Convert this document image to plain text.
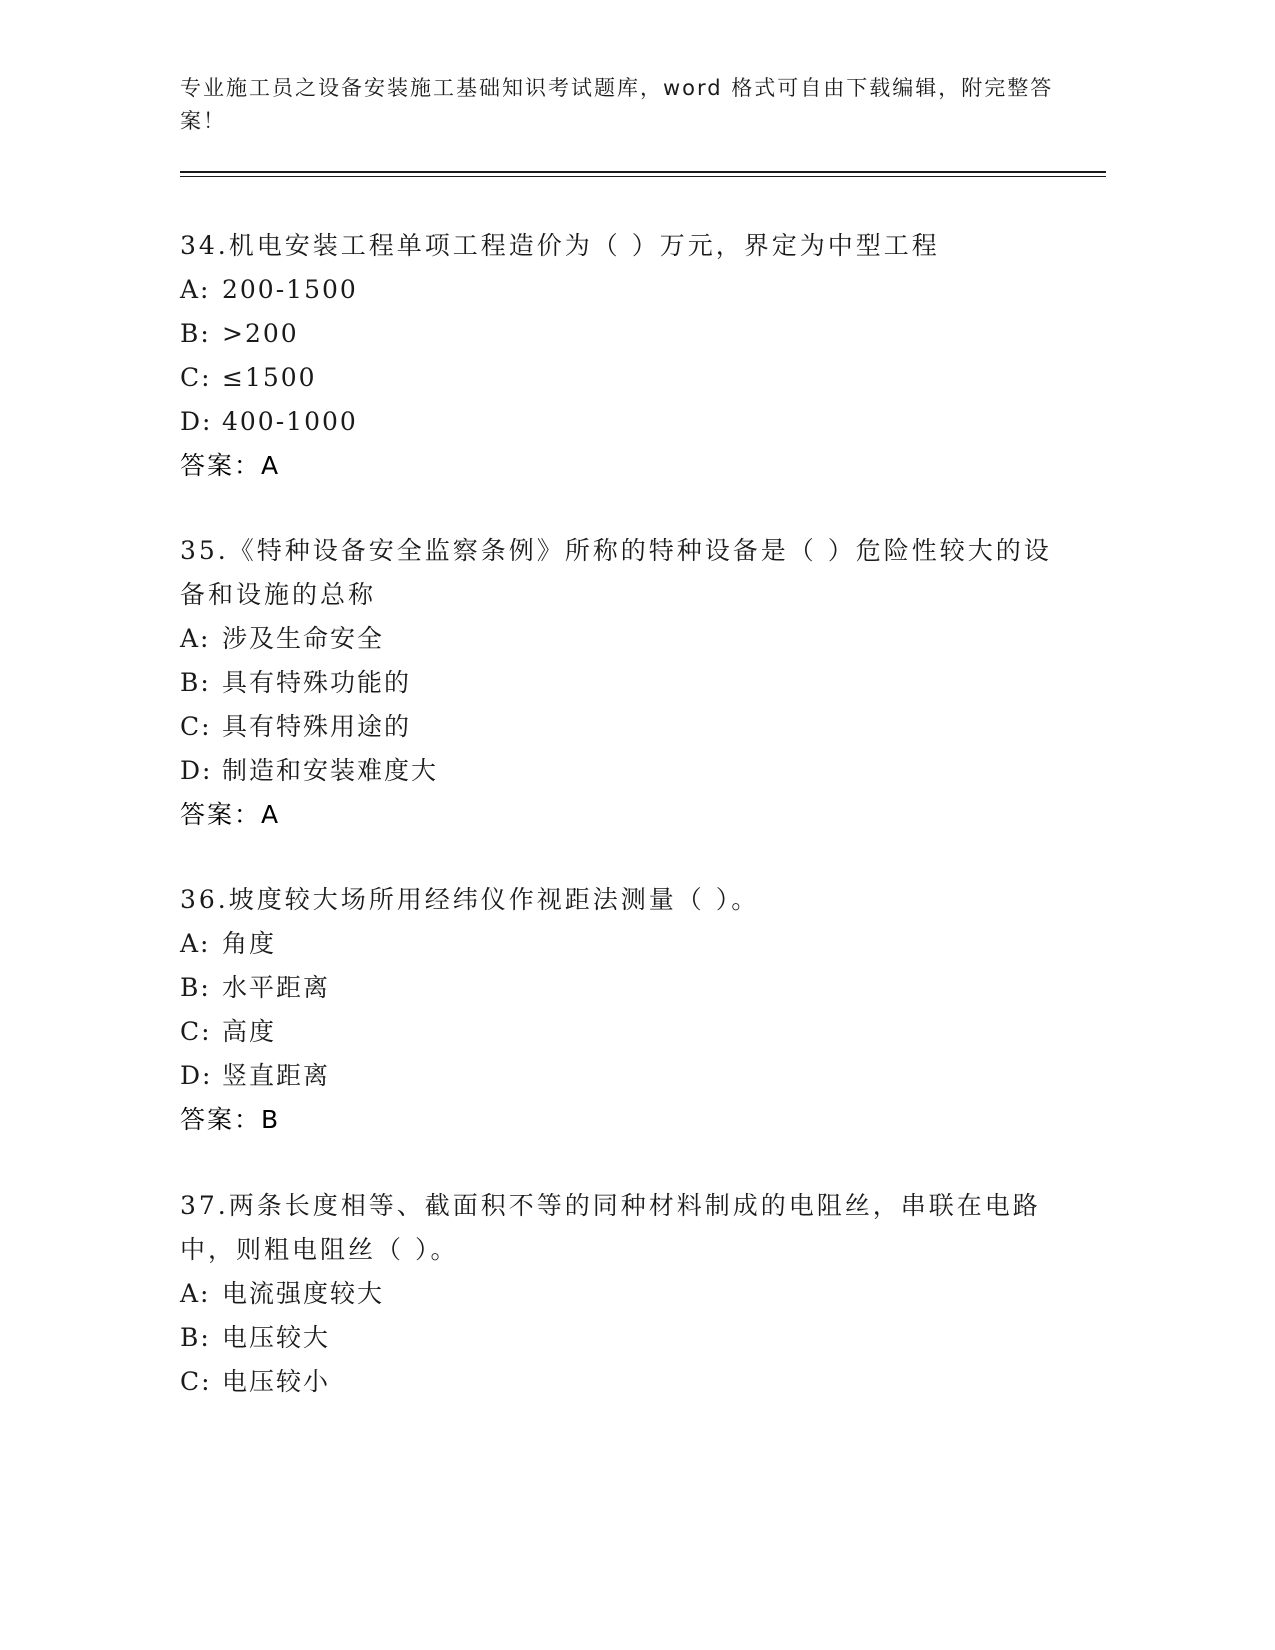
专业施工员之设备安装施工基础知识考试题库，word 格式可自由下载编辑，附完整答案！

34.机电安装工程单项工程造价为（ ）万元，界定为中型工程

A: 200-1500

B: >200

C: ≤1500

D: 400-1000

答案：A

35.《特种设备安全监察条例》所称的特种设备是（ ）危险性较大的设备和设施的总称

A: 涉及生命安全

B: 具有特殊功能的

C: 具有特殊用途的

D: 制造和安装难度大

答案：A

36.坡度较大场所用经纬仪作视距法测量（ ）。

A: 角度

B: 水平距离

C: 高度

D: 竖直距离

答案：B

37.两条长度相等、截面积不等的同种材料制成的电阻丝，串联在电路中，则粗电阻丝（ ）。

A: 电流强度较大

B: 电压较大

C: 电压较小
